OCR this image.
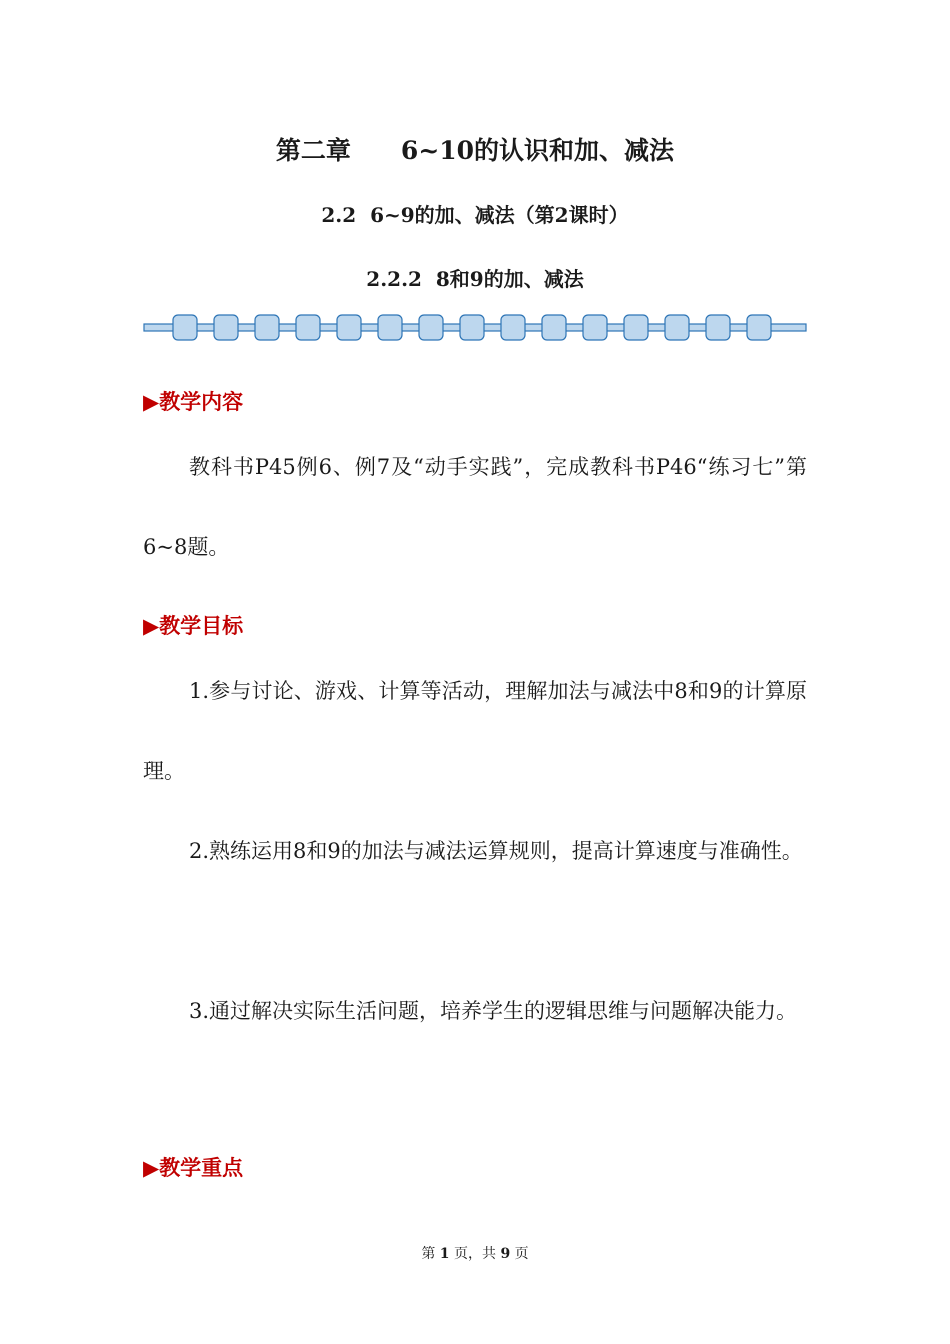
第二章　　6~10的认识和加、减法
2.2  6~9的加、减法（第2课时）
2.2.2  8和9的加、减法
▶教学内容

教科书P45例6、例7及“动手实践”，完成教科书P46“练习七”第6~8题。

▶教学目标

1.参与讨论、游戏、计算等活动，理解加法与减法中8和9的计算原理。

2.熟练运用8和9的加法与减法运算规则，提高计算速度与准确性。

3.通过解决实际生活问题，培养学生的逻辑思维与问题解决能力。

▶教学重点
第 1 页，共 9 页
